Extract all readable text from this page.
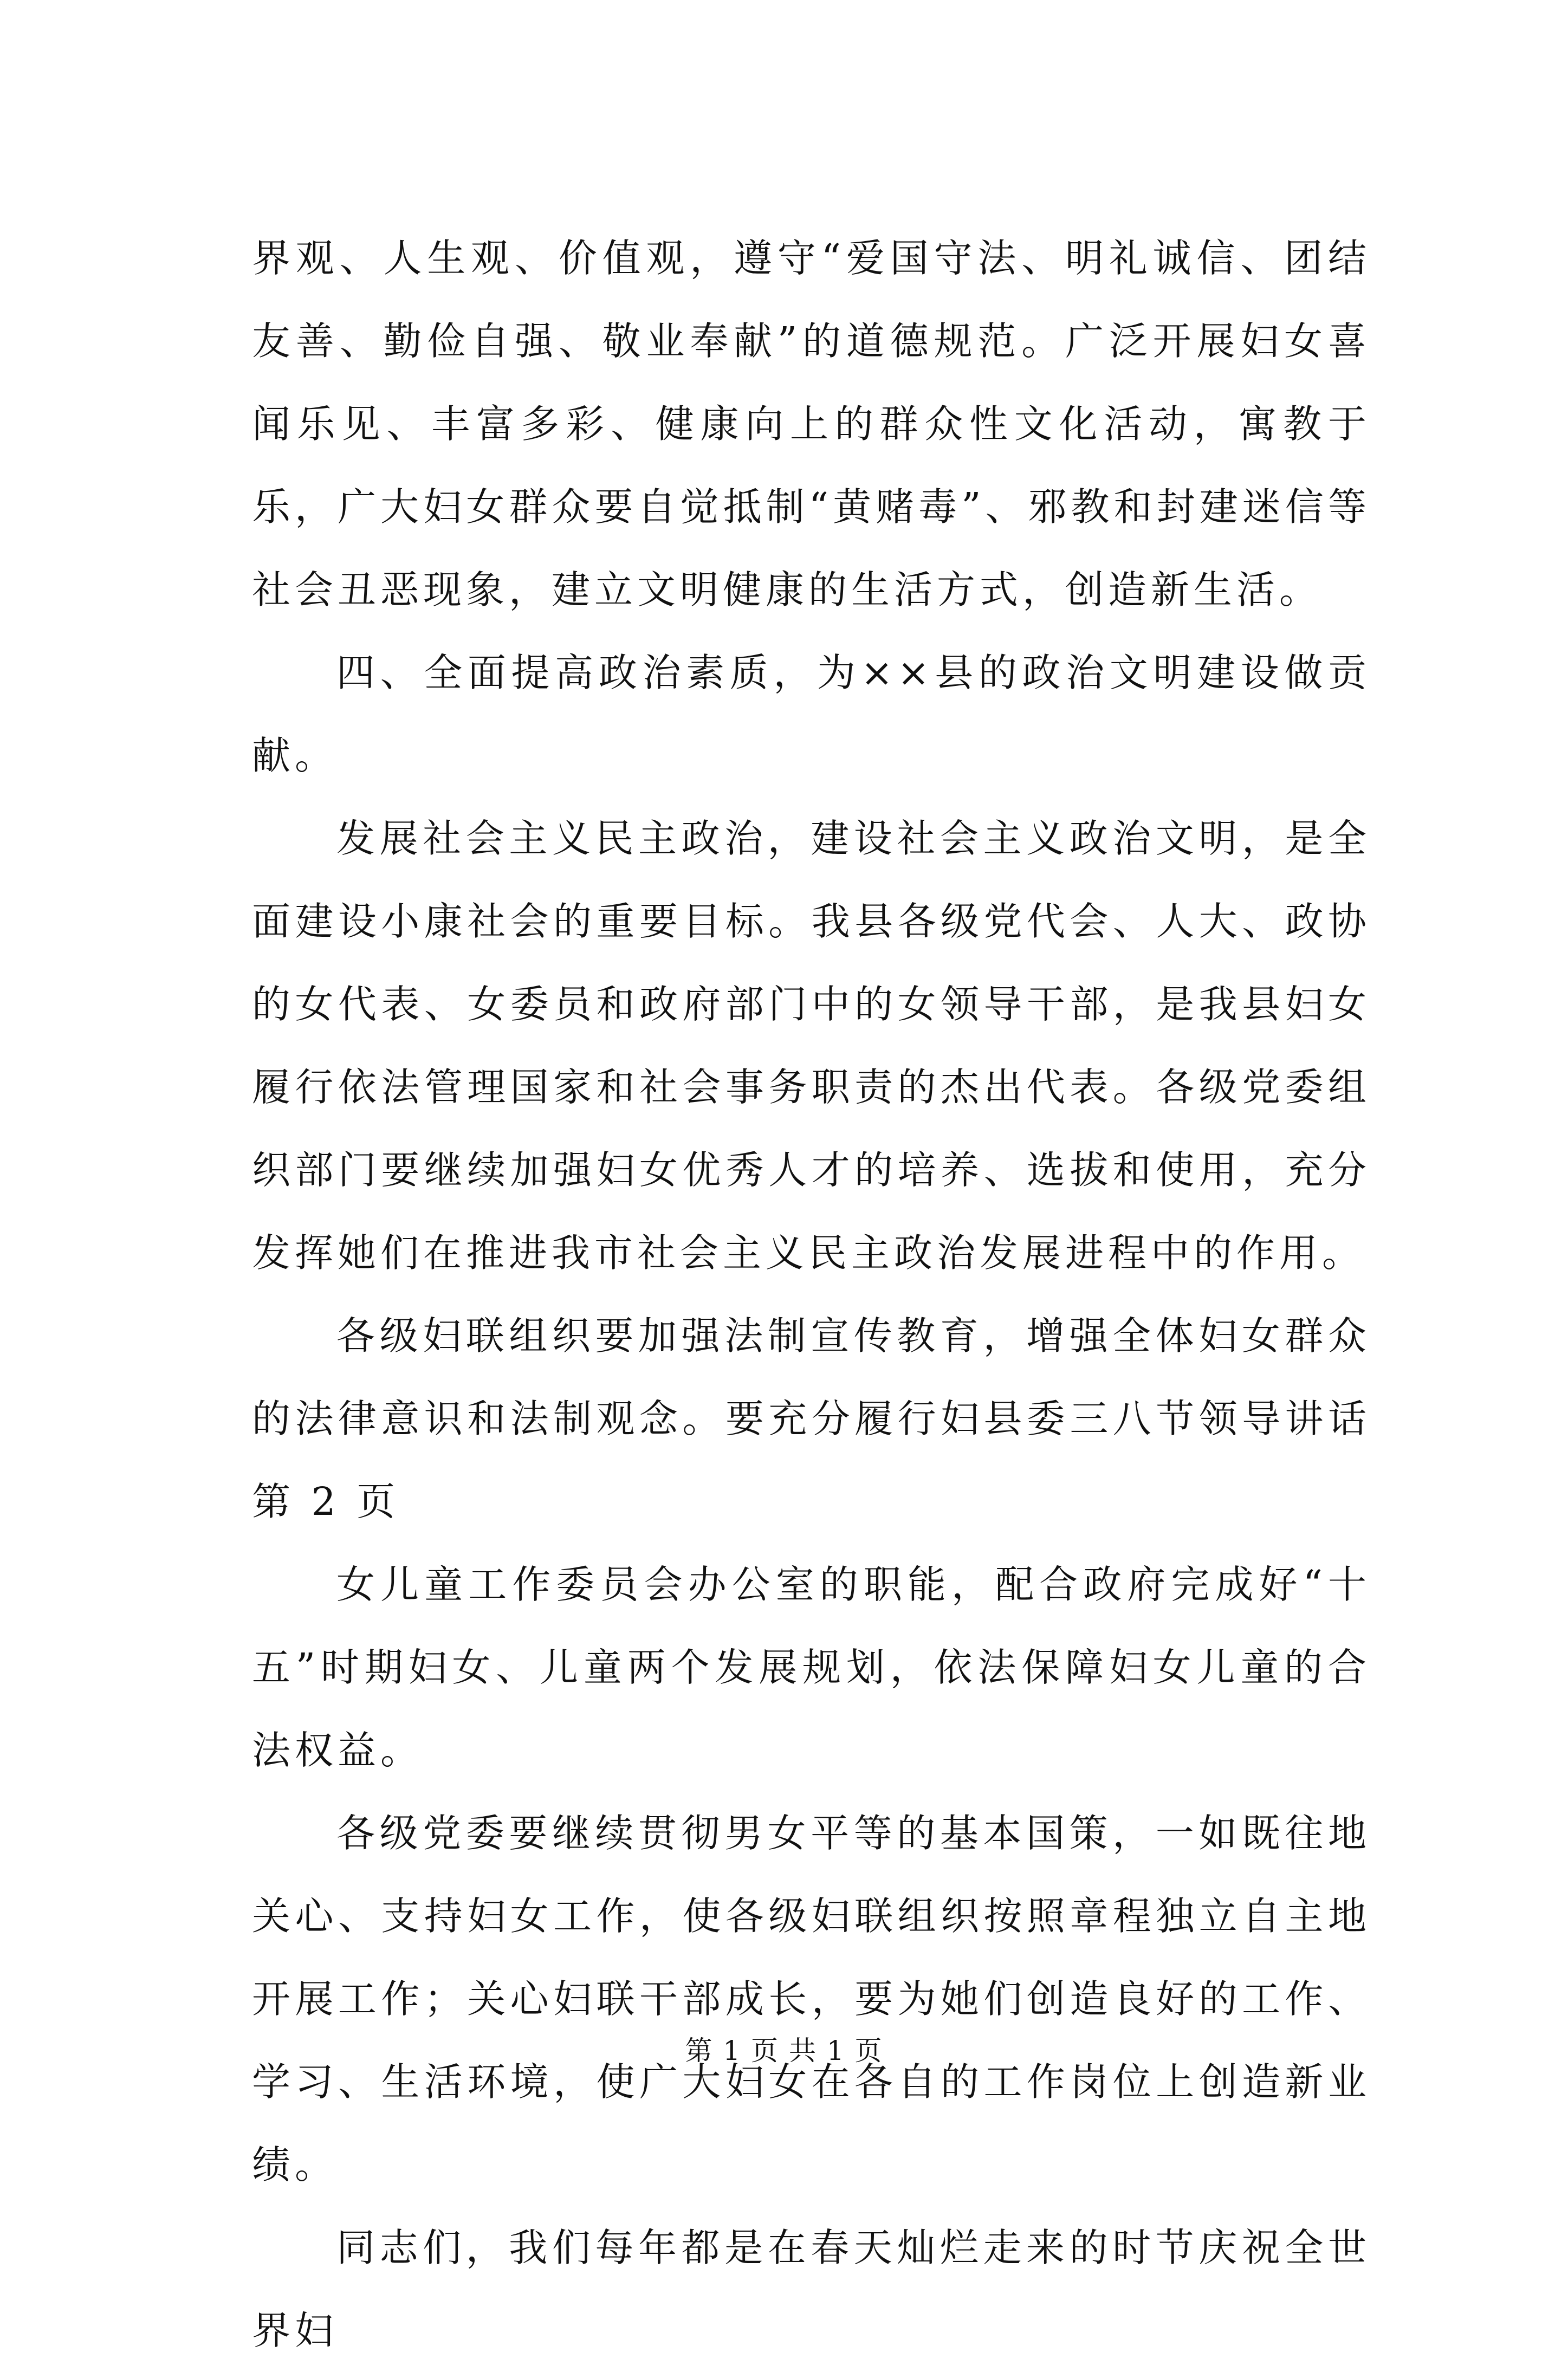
界观、人生观、价值观，遵守“爱国守法、明礼诚信、团结友善、勤俭自强、敬业奉献”的道德规范。广泛开展妇女喜闻乐见、丰富多彩、健康向上的群众性文化活动，寓教于乐，广大妇女群众要自觉抵制“黄赌毒”、邪教和封建迷信等社会丑恶现象，建立文明健康的生活方式，创造新生活。

四、全面提高政治素质，为××县的政治文明建设做贡献。

发展社会主义民主政治，建设社会主义政治文明，是全面建设小康社会的重要目标。我县各级党代会、人大、政协的女代表、女委员和政府部门中的女领导干部，是我县妇女履行依法管理国家和社会事务职责的杰出代表。各级党委组织部门要继续加强妇女优秀人才的培养、选拔和使用，充分发挥她们在推进我市社会主义民主政治发展进程中的作用。

各级妇联组织要加强法制宣传教育，增强全体妇女群众的法律意识和法制观念。要充分履行妇县委三八节领导讲话第 2 页

女儿童工作委员会办公室的职能，配合政府完成好“十五”时期妇女、儿童两个发展规划，依法保障妇女儿童的合法权益。

各级党委要继续贯彻男女平等的基本国策，一如既往地关心、支持妇女工作，使各级妇联组织按照章程独立自主地开展工作；关心妇联干部成长，要为她们创造良好的工作、学习、生活环境，使广大妇女在各自的工作岗位上创造新业绩。

同志们，我们每年都是在春天灿烂走来的时节庆祝全世界妇

第 1 页 共 1 页
